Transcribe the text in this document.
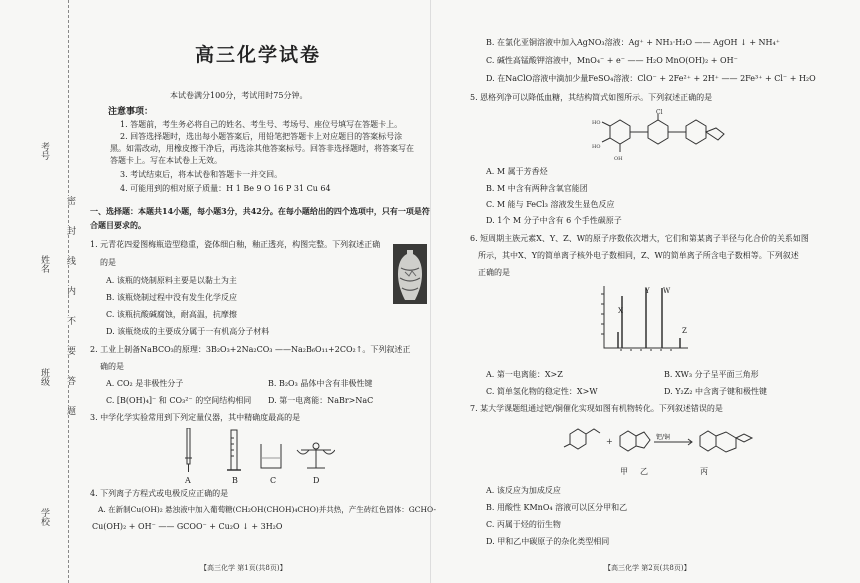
考号
姓名
班级
学校
密
封
线
内
不
要
答
题
高三化学试卷
本试卷满分100分，考试用时75分钟。
注意事项：
1. 答题前，考生务必将自己的姓名、考生号、考场号、座位号填写在答题卡上。
2. 回答选择题时，选出每小题答案后，用铅笔把答题卡上对应题目的答案标号涂
黑。如需改动，用橡皮擦干净后，再选涂其他答案标号。回答非选择题时，将答案写在
答题卡上。写在本试卷上无效。
3. 考试结束后，将本试卷和答题卡一并交回。
4. 可能用到的相对原子质量：H 1 Be 9 O 16 P 31 Cu 64
一、选择题：本题共14小题，每小题3分，共42分。在每小题给出的四个选项中，只有一项是符
合题目要求的。
1. 元青花四爱图梅瓶造型稳重，瓷体细白釉，釉正透亮，构图完整。下列叙述正确
的是
A. 该瓶的烧制原料主要是以黏土为主
B. 该瓶烧制过程中没有发生化学反应
C. 该瓶抗酸碱腐蚀，耐高温，抗摩擦
D. 该瓶烧成的主要成分属于一有机高分子材料
2. 工业上制备NaBCO₃的原理：3B₂O₃+2Na₂CO₃ ——Na₂B₆O₁₁+2CO₂↑。下列叙述正
确的是
A. CO₂ 是非极性分子	B. B₂O₃ 晶体中含有非极性键
C. [B(OH)₄]⁻ 和 CO₃²⁻ 的空间结构相同 D. 第一电离能：NaBr>NaC
3. 中学化学实验常用到下列定量仪器，其中精确度最高的是
A	B	C	D
4. 下列离子方程式或电极反应正确的是
A. 在新制Cu(OH)₂ 悬浊液中加入葡萄糖(CH₂OH(CHOH)₄CHO)并共热，产生砖红色固体：GCHO-
Cu(OH)₂ + OH⁻ —— GCOO⁻ + Cu₂O ↓ + 3H₂O
【高三化学 第1页(共8页)】
B. 在氯化亚铜溶液中加入AgNO₃溶液：Ag⁺ + NH₃·H₂O —— AgOH ↓ + NH₄⁺
C. 碱性高锰酸钾溶液中，MnO₄⁻ + e⁻ —— H₂O MnO(OH)₂ + OH⁻
D. 在NaClO溶液中滴加少量FeSO₄溶液：ClO⁻ + 2Fe²⁺ + 2H⁺ —— 2Fe³⁺ + Cl⁻ + H₂O
5. 恩格列净可以降低血糖，其结构简式如图所示。下列叙述正确的是
Cl
HO
HO
OH
A. M 属于芳香烃
B. M 中含有两种含氧官能团
C. M 能与 FeCl₃ 溶液发生显色反应
D. 1个 M 分子中含有 6 个手性碳原子
6. 短周期主族元素X、Y、Z、W的原子序数依次增大，它们和第某离子半径与化合价的关系如图
所示，其中X、Y的简单离子核外电子数相同，Z、W的简单离子所含电子数相等。下列叙述
正确的是
Y W
X
Z
A. 第一电离能：X>Z	B. XW₃ 分子呈平面三角形
C. 简单氢化物的稳定性：X>W	D. Y₂Z₂ 中含离子键和极性键
7. 某大学课题组通过钯/铜催化实现如图有机物转化。下列叙述错误的是
+
甲 乙	丙
钯/铜
A. 该反应为加成反应
B. 用酸性 KMnO₄ 溶液可以区分甲和乙
C. 丙属于烃的衍生物
D. 甲和乙中碳原子的杂化类型相同
【高三化学 第2页(共8页)】
